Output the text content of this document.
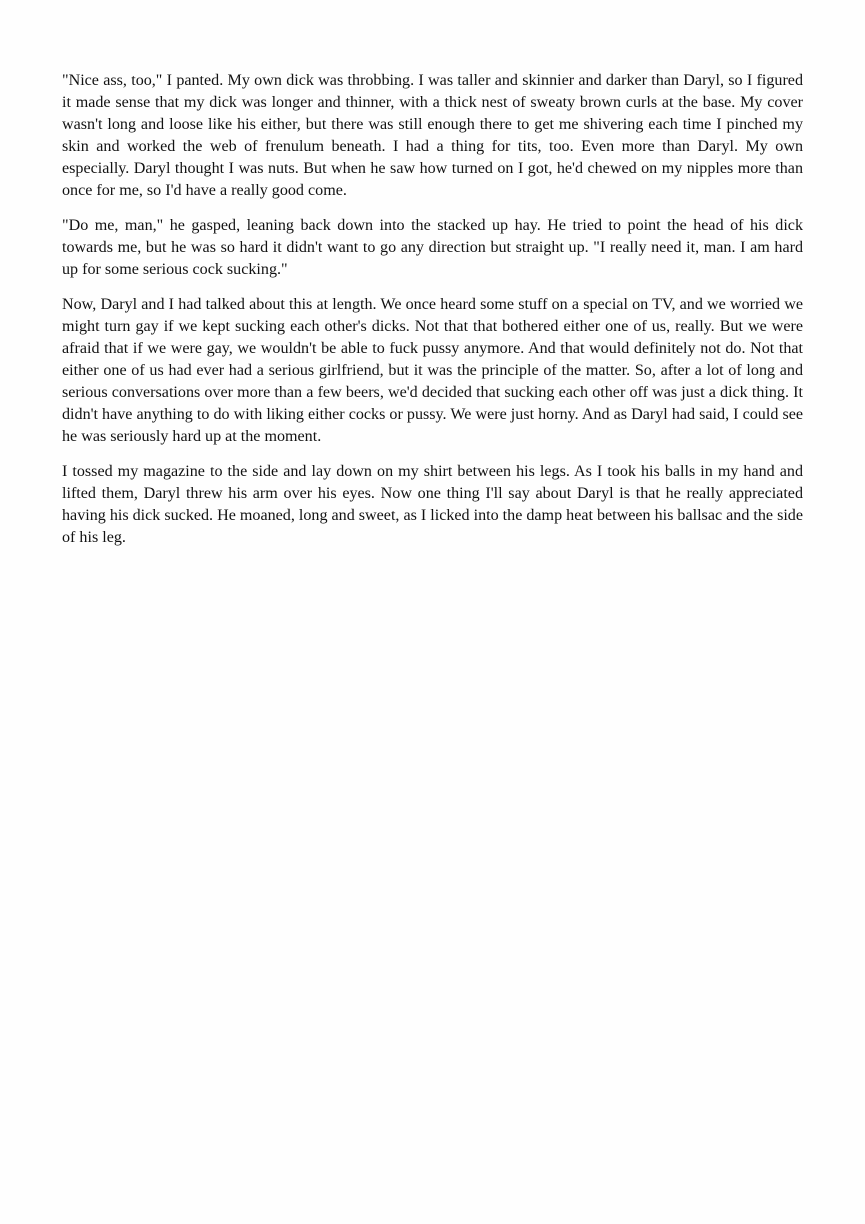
"Nice ass, too," I panted. My own dick was throbbing. I was taller and skinnier and darker than Daryl, so I figured it made sense that my dick was longer and thinner, with a thick nest of sweaty brown curls at the base. My cover wasn't long and loose like his either, but there was still enough there to get me shivering each time I pinched my skin and worked the web of frenulum beneath. I had a thing for tits, too. Even more than Daryl. My own especially. Daryl thought I was nuts. But when he saw how turned on I got, he'd chewed on my nipples more than once for me, so I'd have a really good come.

"Do me, man," he gasped, leaning back down into the stacked up hay. He tried to point the head of his dick towards me, but he was so hard it didn't want to go any direction but straight up. "I really need it, man. I am hard up for some serious cock sucking."

Now, Daryl and I had talked about this at length. We once heard some stuff on a special on TV, and we worried we might turn gay if we kept sucking each other's dicks. Not that that bothered either one of us, really. But we were afraid that if we were gay, we wouldn't be able to fuck pussy anymore. And that would definitely not do. Not that either one of us had ever had a serious girlfriend, but it was the principle of the matter. So, after a lot of long and serious conversations over more than a few beers, we'd decided that sucking each other off was just a dick thing. It didn't have anything to do with liking either cocks or pussy. We were just horny. And as Daryl had said, I could see he was seriously hard up at the moment.

I tossed my magazine to the side and lay down on my shirt between his legs. As I took his balls in my hand and lifted them, Daryl threw his arm over his eyes. Now one thing I'll say about Daryl is that he really appreciated having his dick sucked. He moaned, long and sweet, as I licked into the damp heat between his ballsac and the side of his leg.
